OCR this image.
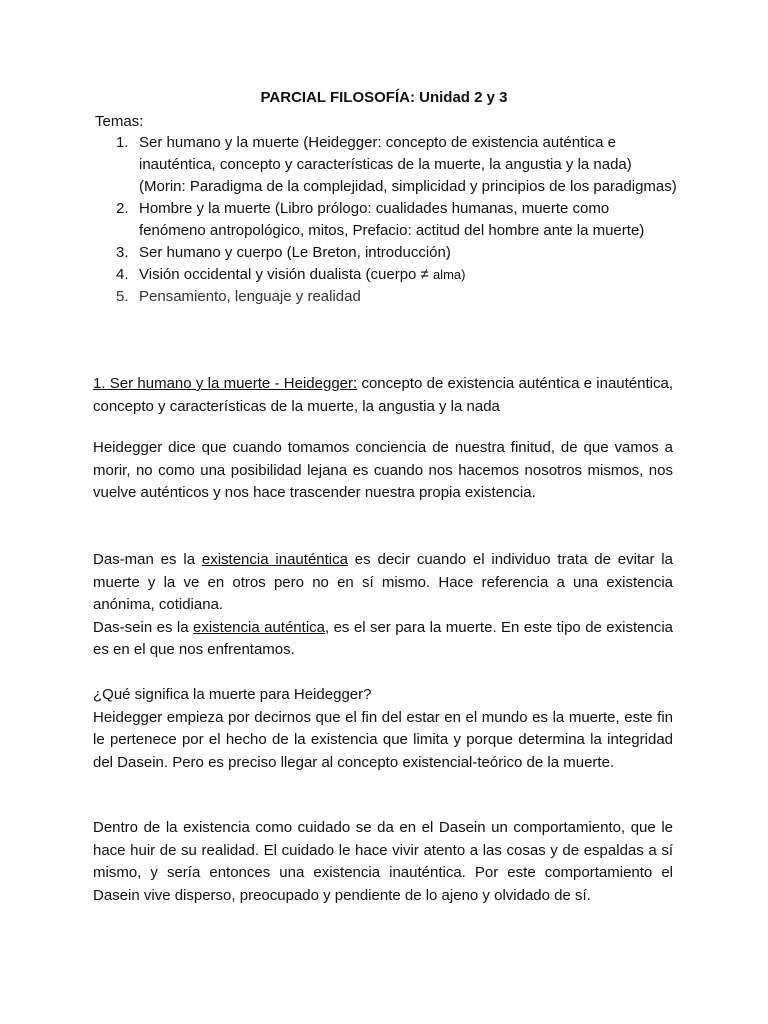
PARCIAL FILOSOFÍA: Unidad 2 y 3
Temas:
1. Ser humano y la muerte (Heidegger: concepto de existencia auténtica e inauténtica, concepto y características de la muerte, la angustia y la nada) (Morin: Paradigma de la complejidad, simplicidad y principios de los paradigmas)
2. Hombre y la muerte (Libro prólogo: cualidades humanas, muerte como fenómeno antropológico, mitos, Prefacio: actitud del hombre ante la muerte)
3. Ser humano y cuerpo (Le Breton, introducción)
4. Visión occidental y visión dualista (cuerpo ≠ alma)
5. Pensamiento, lenguaje y realidad

1. Ser humano y la muerte - Heidegger: concepto de existencia auténtica e inauténtica, concepto y características de la muerte, la angustia y la nada

Heidegger dice que cuando tomamos conciencia de nuestra finitud, de que vamos a morir, no como una posibilidad lejana es cuando nos hacemos nosotros mismos, nos vuelve auténticos y nos hace trascender nuestra propia existencia.

Das-man es la existencia inauténtica es decir cuando el individuo trata de evitar la muerte y la ve en otros pero no en sí mismo. Hace referencia a una existencia anónima, cotidiana.
Das-sein es la existencia auténtica, es el ser para la muerte. En este tipo de existencia es en el que nos enfrentamos.

¿Qué significa la muerte para Heidegger?
Heidegger empieza por decirnos que el fin del estar en el mundo es la muerte, este fin le pertenece por el hecho de la existencia que limita y porque determina la integridad del Dasein. Pero es preciso llegar al concepto existencial-teórico de la muerte.

Dentro de la existencia como cuidado se da en el Dasein un comportamiento, que le hace huir de su realidad. El cuidado le hace vivir atento a las cosas y de espaldas a sí mismo, y sería entonces una existencia inauténtica. Por este comportamiento el Dasein vive disperso, preocupado y pendiente de lo ajeno y olvidado de sí.
